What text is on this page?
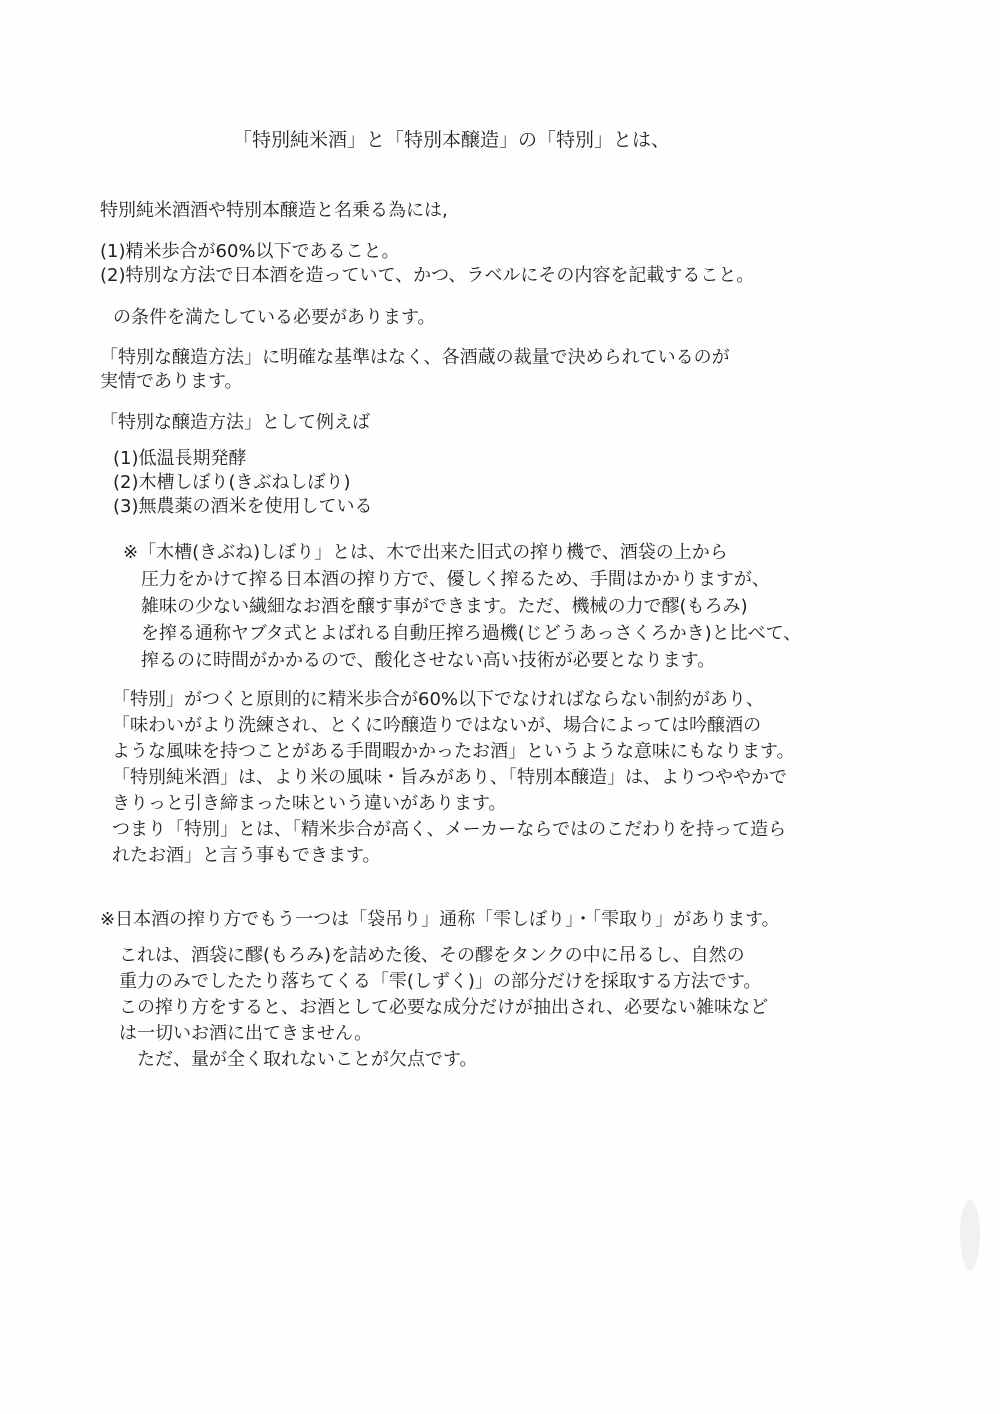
「特別純米酒」と「特別本醸造」の「特別」とは、

特別純米酒酒や特別本醸造と名乗る為には,

(1)精米歩合が60%以下であること。

(2)特別な方法で日本酒を造っていて、かつ、ラベルにその内容を記載すること。

の条件を満たしている必要があります。

「特別な醸造方法」に明確な基準はなく、各酒蔵の裁量で決められているのが

実情であります。

「特別な醸造方法」として例えば

(1)低温長期発酵

(2)木槽しぼり(きぶねしぼり)

(3)無農薬の酒米を使用している

※「木槽(きぶね)しぼり」とは、木で出来た旧式の搾り機で、酒袋の上から

圧力をかけて搾る日本酒の搾り方で、優しく搾るため、手間はかかりますが、

雑味の少ない繊細なお酒を醸す事ができます。ただ、機械の力で醪(もろみ)

を搾る通称ヤブタ式とよばれる自動圧搾ろ過機(じどうあっさくろかき)と比べて、

搾るのに時間がかかるので、酸化させない高い技術が必要となります。

「特別」がつくと原則的に精米歩合が60%以下でなければならない制約があり、

「味わいがより洗練され、とくに吟醸造りではないが、場合によっては吟醸酒の

ような風味を持つことがある手間暇かかったお酒」というような意味にもなります。

「特別純米酒」は、より米の風味・旨みがあり、「特別本醸造」は、よりつややかで

きりっと引き締まった味という違いがあります。

つまり「特別」とは、「精米歩合が高く、メーカーならではのこだわりを持って造ら

れたお酒」と言う事もできます。

※日本酒の搾り方でもう一つは「袋吊り」通称「雫しぼり」・「雫取り」があります。

これは、酒袋に醪(もろみ)を詰めた後、その醪をタンクの中に吊るし、自然の

重力のみでしたたり落ちてくる「雫(しずく)」の部分だけを採取する方法です。

この搾り方をすると、お酒として必要な成分だけが抽出され、必要ない雑味など

は一切いお酒に出てきません。

ただ、量が全く取れないことが欠点です。
